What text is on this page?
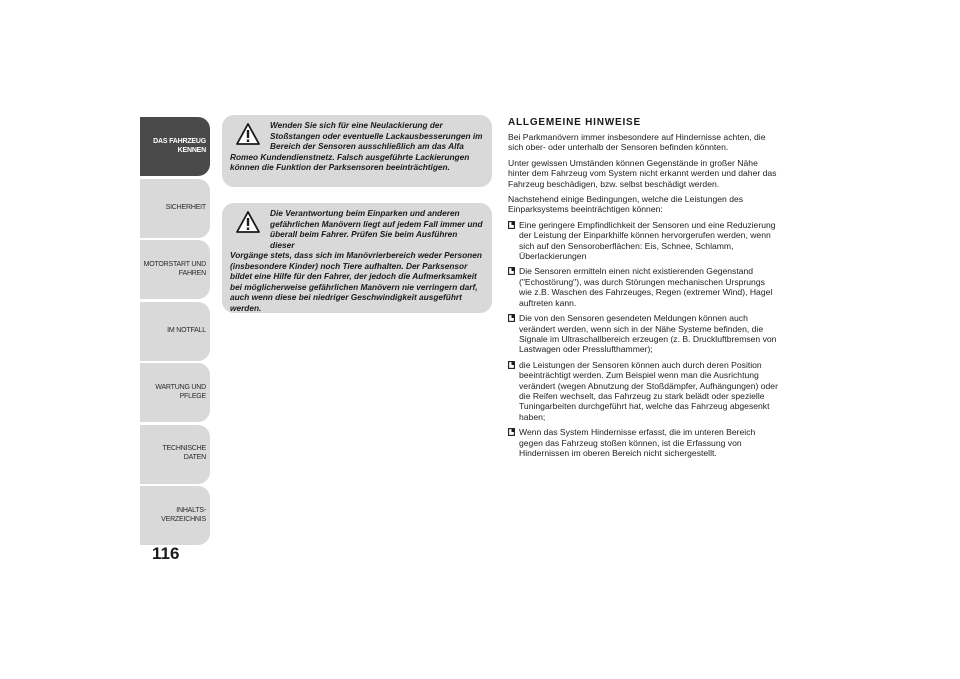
DAS FAHRZEUG
KENNEN
SICHERHEIT
MOTORSTART UND
FAHREN
IM NOTFALL
WARTUNG UND
PFLEGE
TECHNISCHE DATEN
INHALTS-
VERZEICHNIS
116
Wenden Sie sich für eine Neulackierung der Stoßstangen oder eventuelle Lackausbesserungen im Bereich der Sensoren ausschließlich am das Alfa
Romeo Kundendienstnetz. Falsch ausgeführte Lackierungen können die Funktion der Parksensoren beeinträchtigen.
Die Verantwortung beim Einparken und anderen gefährlichen Manövern liegt auf jedem Fall immer und überall beim Fahrer. Prüfen Sie beim Ausführen dieser
Vorgänge stets, dass sich im Manövrierbereich weder Personen (insbesondere Kinder) noch Tiere aufhalten. Der Parksensor bildet eine Hilfe für den Fahrer, der jedoch die Aufmerksamkeit bei möglicherweise gefährlichen Manövern nie verringern darf, auch wenn diese bei niedriger Geschwindigkeit ausgeführt werden.
ALLGEMEINE HINWEISE

Bei Parkmanövern immer insbesondere auf Hindernisse achten, die sich ober- oder unterhalb der Sensoren befinden könnten.

Unter gewissen Umständen können Gegenstände in großer Nähe hinter dem Fahrzeug vom System nicht erkannt werden und daher das Fahrzeug beschädigen, bzw. selbst beschädigt werden.

Nachstehend einige Bedingungen, welche die Leistungen des Einparksystems beeinträchtigen können:

Eine geringere Empfindlichkeit der Sensoren und eine Reduzierung der Leistung der Einparkhilfe können hervorgerufen werden, wenn sich auf den Sensoroberflächen: Eis, Schnee, Schlamm, Überlackierungen
Die Sensoren ermitteln einen nicht existierenden Gegenstand ("Echostörung"), was durch Störungen mechanischen Ursprungs wie z.B. Waschen des Fahrzeuges, Regen (extremer Wind), Hagel auftreten kann.
Die von den Sensoren gesendeten Meldungen können auch verändert werden, wenn sich in der Nähe Systeme befinden, die Signale im Ultraschallbereich erzeugen (z. B. Druckluftbremsen von Lastwagen oder Presslufthammer);
die Leistungen der Sensoren können auch durch deren Position beeinträchtigt werden. Zum Beispiel wenn man die Ausrichtung verändert (wegen Abnutzung der Stoßdämpfer, Aufhängungen) oder die Reifen wechselt, das Fahrzeug zu stark belädt oder spezielle Tuningarbeiten durchgeführt hat, welche das Fahrzeug abgesenkt haben;
Wenn das System Hindernisse erfasst, die im unteren Bereich gegen das Fahrzeug stoßen können, ist die Erfassung von Hindernissen im oberen Bereich nicht sichergestellt.
